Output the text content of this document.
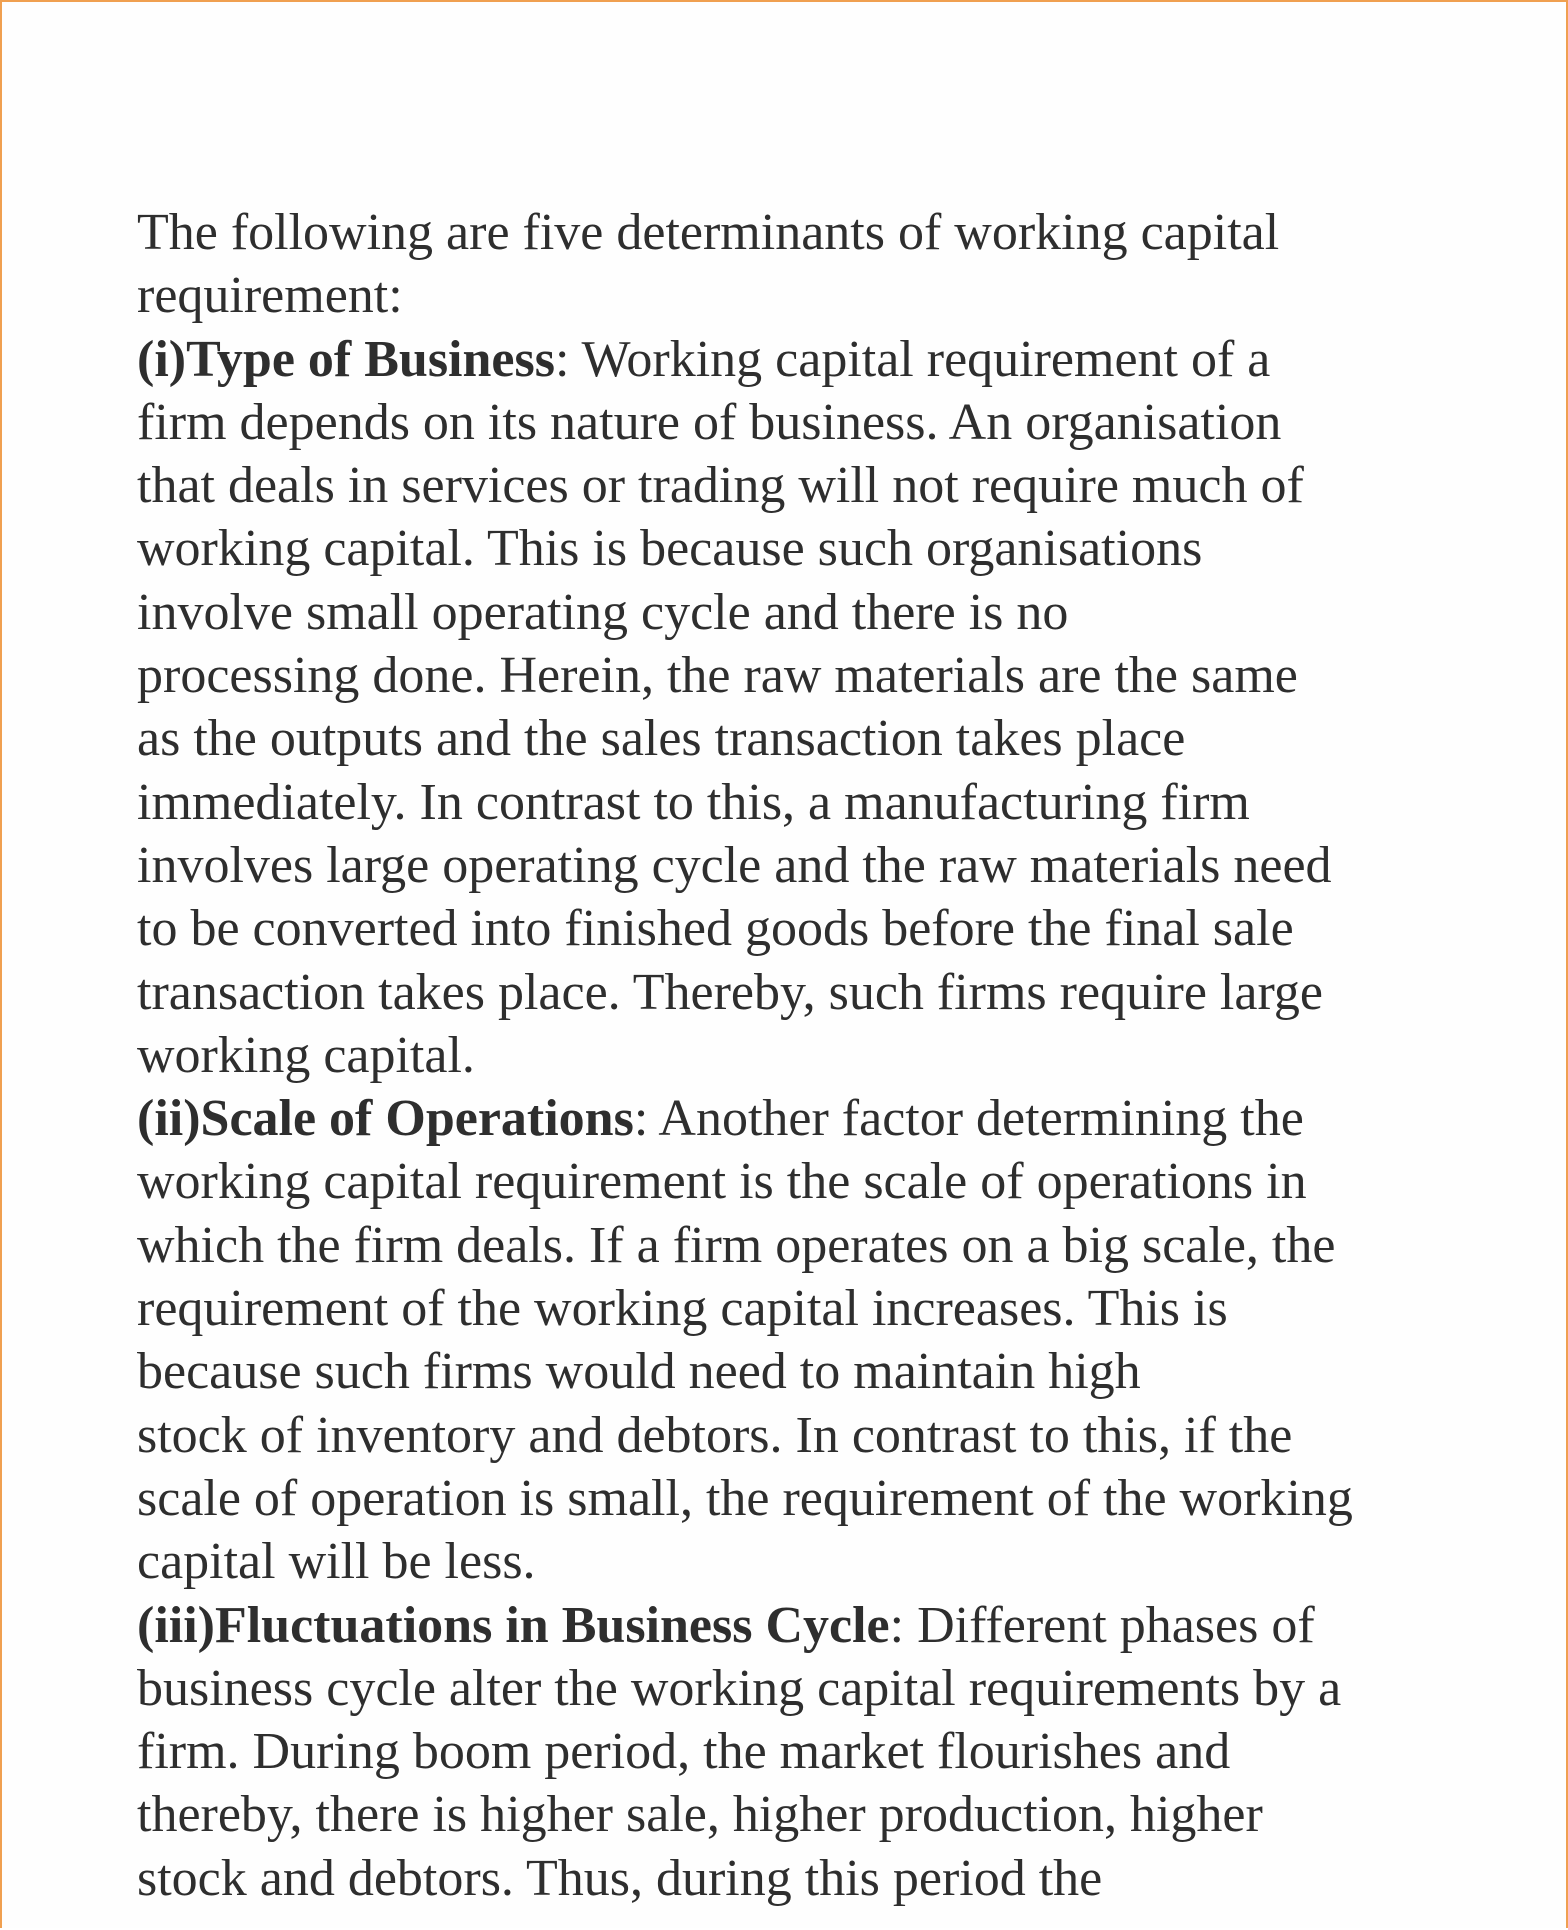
The following are five determinants of working capital
requirement:
(i)Type of Business: Working capital requirement of a
firm depends on its nature of business. An organisation
that deals in services or trading will not require much of
working capital. This is because such organisations
involve small operating cycle and there is no
processing done. Herein, the raw materials are the same
as the outputs and the sales transaction takes place
immediately. In contrast to this, a manufacturing firm
involves large operating cycle and the raw materials need
to be converted into finished goods before the final sale
transaction takes place. Thereby, such firms require large
working capital.
(ii)Scale of Operations: Another factor determining the
working capital requirement is the scale of operations in
which the firm deals. If a firm operates on a big scale, the
requirement of the working capital increases. This is
because such firms would need to maintain high
stock of inventory and debtors. In contrast to this, if the
scale of operation is small, the requirement of the working
capital will be less.
(iii)Fluctuations in Business Cycle: Different phases of
business cycle alter the working capital requirements by a
firm. During boom period, the market flourishes and
thereby, there is higher sale, higher production, higher
stock and debtors. Thus, during this period the
